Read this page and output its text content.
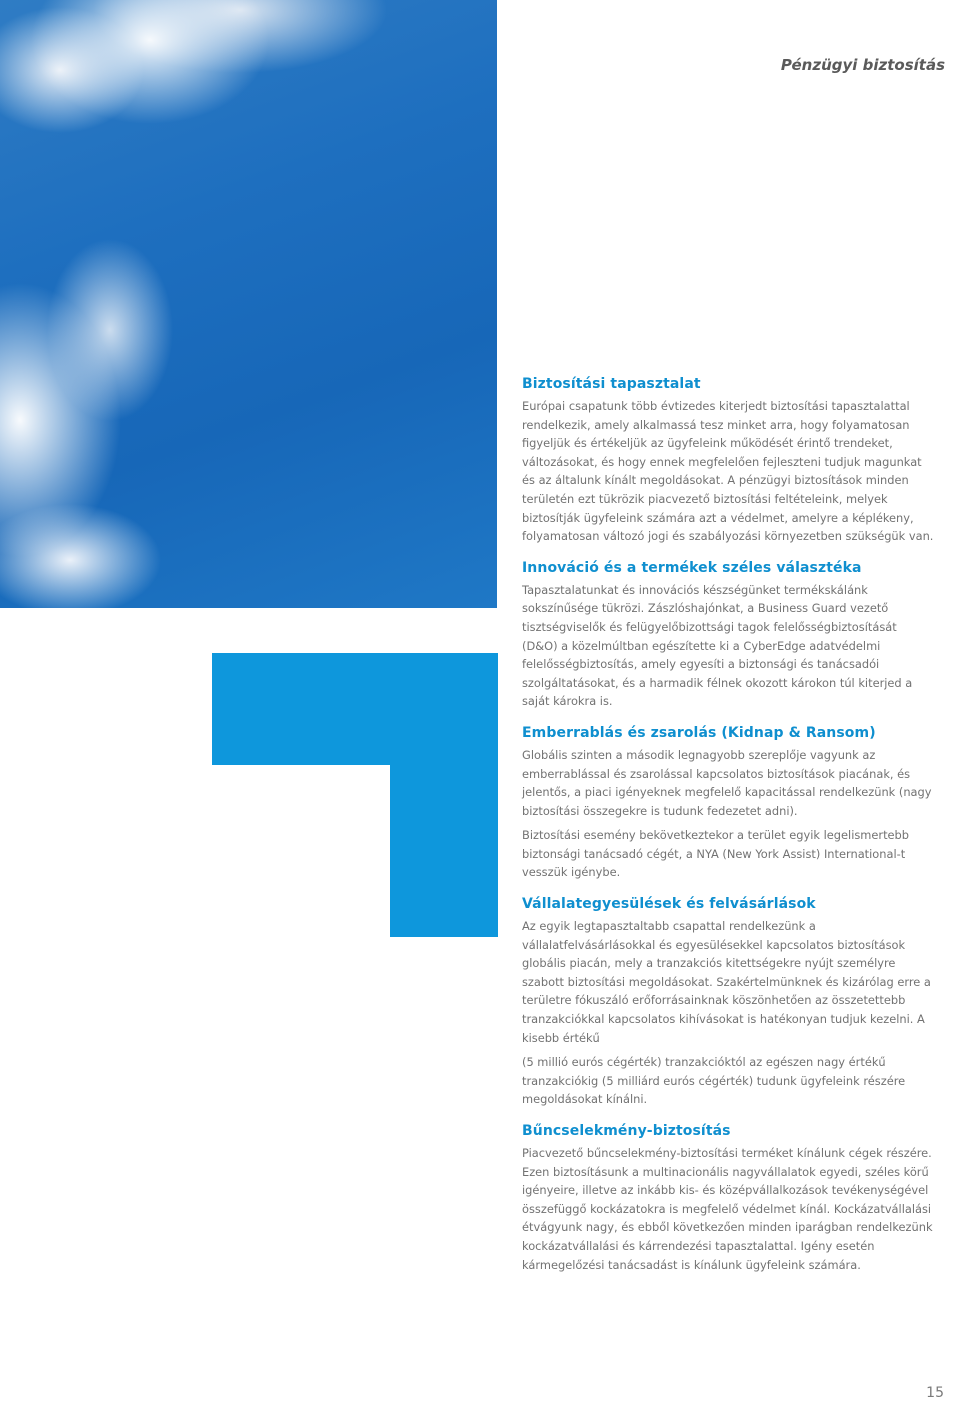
Pénzügyi biztosítás
Biztosítási tapasztalat

Európai csapatunk több évtizedes kiterjedt biztosítási tapasztalattal rendelkezik, amely alkalmassá tesz minket arra, hogy folyamatosan figyeljük és értékeljük az ügyfeleink működését érintő trendeket, változásokat, és hogy ennek megfelelően fejleszteni tudjuk magunkat és az általunk kínált megoldásokat. A pénzügyi biztosítások minden területén ezt tükrözik piacvezető biztosítási feltételeink, melyek biztosítják ügyfeleink számára azt a védelmet, amelyre a képlékeny, folyamatosan változó jogi és szabályozási környezetben szükségük van.

Innováció és a termékek széles választéka

Tapasztalatunkat és innovációs készségünket termékskálánk sokszínűsége tükrözi. Zászlóshajónkat, a Business Guard vezető tisztségviselők és felügyelőbizottsági tagok felelősségbiztosítását (D&O) a közelmúltban egészítette ki a CyberEdge adatvédelmi felelősségbiztosítás, amely egyesíti a biztonsági és tanácsadói szolgáltatásokat, és a harmadik félnek okozott károkon túl kiterjed a saját károkra is.

Emberrablás és zsarolás (Kidnap & Ransom)

Globális szinten a második legnagyobb szereplője vagyunk az emberrablással és zsarolással kapcsolatos biztosítások piacának, és jelentős, a piaci igényeknek megfelelő kapacitással rendelkezünk (nagy biztosítási összegekre is tudunk fedezetet adni).

Biztosítási esemény bekövetkeztekor a terület egyik legelismertebb biztonsági tanácsadó cégét, a NYA (New York Assist) International-t vesszük igénybe.

Vállalategyesülések és felvásárlások

Az egyik legtapasztaltabb csapattal rendelkezünk a vállalatfelvásárlásokkal és egyesülésekkel kapcsolatos biztosítások globális piacán, mely a tranzakciós kitettségekre nyújt személyre szabott biztosítási megoldásokat. Szakértelmünknek és kizárólag erre a területre fókuszáló erőforrásainknak köszönhetően az összetettebb tranzakciókkal kapcsolatos kihívásokat is hatékonyan tudjuk kezelni. A kisebb értékű

(5 millió eurós cégérték) tranzakcióktól az egészen nagy értékű tranzakciókig (5 milliárd eurós cégérték) tudunk ügyfeleink részére megoldásokat kínálni.

Bűncselekmény-biztosítás

Piacvezető bűncselekmény-biztosítási terméket kínálunk cégek részére. Ezen biztosításunk a multinacionális nagyvállalatok egyedi, széles körű igényeire, illetve az inkább kis- és középvállalkozások tevékenységével összefüggő kockázatokra is megfelelő védelmet kínál. Kockázatvállalási étvágyunk nagy, és ebből következően minden iparágban rendelkezünk kockázatvállalási és kárrendezési tapasztalattal. Igény esetén kármegelőzési tanácsadást is kínálunk ügyfeleink számára.

15
